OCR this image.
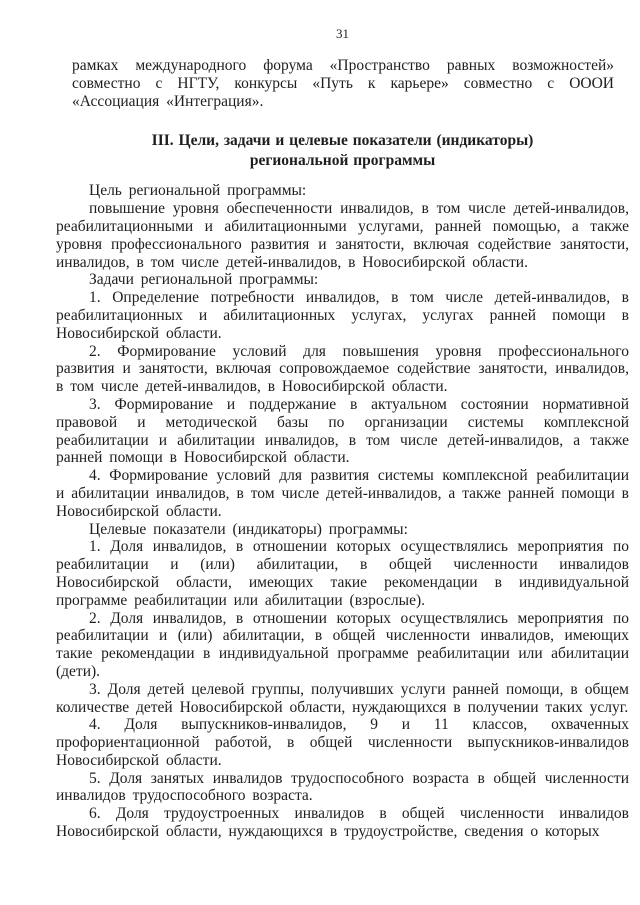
31

рамках международного форума «Пространство равных возможностей» совместно с НГТУ, конкурсы «Путь к карьере» совместно с ОООИ «Ассоциация «Интеграция».

III. Цели, задачи и целевые показатели (индикаторы)
региональной программы

Цель региональной программы:

повышение уровня обеспеченности инвалидов, в том числе детей-инвалидов, реабилитационными и абилитационными услугами, ранней помощью, а также уровня профессионального развития и занятости, включая содействие занятости, инвалидов, в том числе детей-инвалидов, в Новосибирской области.

Задачи региональной программы:

1. Определение потребности инвалидов, в том числе детей-инвалидов, в реабилитационных и абилитационных услугах, услугах ранней помощи в Новосибирской области.

2. Формирование условий для повышения уровня профессионального развития и занятости, включая сопровождаемое содействие занятости, инвалидов, в том числе детей-инвалидов, в Новосибирской области.

3. Формирование и поддержание в актуальном состоянии нормативной правовой и методической базы по организации системы комплексной реабилитации и абилитации инвалидов, в том числе детей-инвалидов, а также ранней помощи в Новосибирской области.

4. Формирование условий для развития системы комплексной реабилитации и абилитации инвалидов, в том числе детей-инвалидов, а также ранней помощи в Новосибирской области.

Целевые показатели (индикаторы) программы:

1. Доля инвалидов, в отношении которых осуществлялись мероприятия по реабилитации и (или) абилитации, в общей численности инвалидов Новосибирской области, имеющих такие рекомендации в индивидуальной программе реабилитации или абилитации (взрослые).

2. Доля инвалидов, в отношении которых осуществлялись мероприятия по реабилитации и (или) абилитации, в общей численности инвалидов, имеющих такие рекомендации в индивидуальной программе реабилитации или абилитации (дети).

3. Доля детей целевой группы, получивших услуги ранней помощи, в общем количестве детей Новосибирской области, нуждающихся в получении таких услуг.

4. Доля выпускников-инвалидов, 9 и 11 классов, охваченных профориентационной работой, в общей численности выпускников-инвалидов Новосибирской области.

5. Доля занятых инвалидов трудоспособного возраста в общей численности инвалидов трудоспособного возраста.

6. Доля трудоустроенных инвалидов в общей численности инвалидов Новосибирской области, нуждающихся в трудоустройстве, сведения о которых
